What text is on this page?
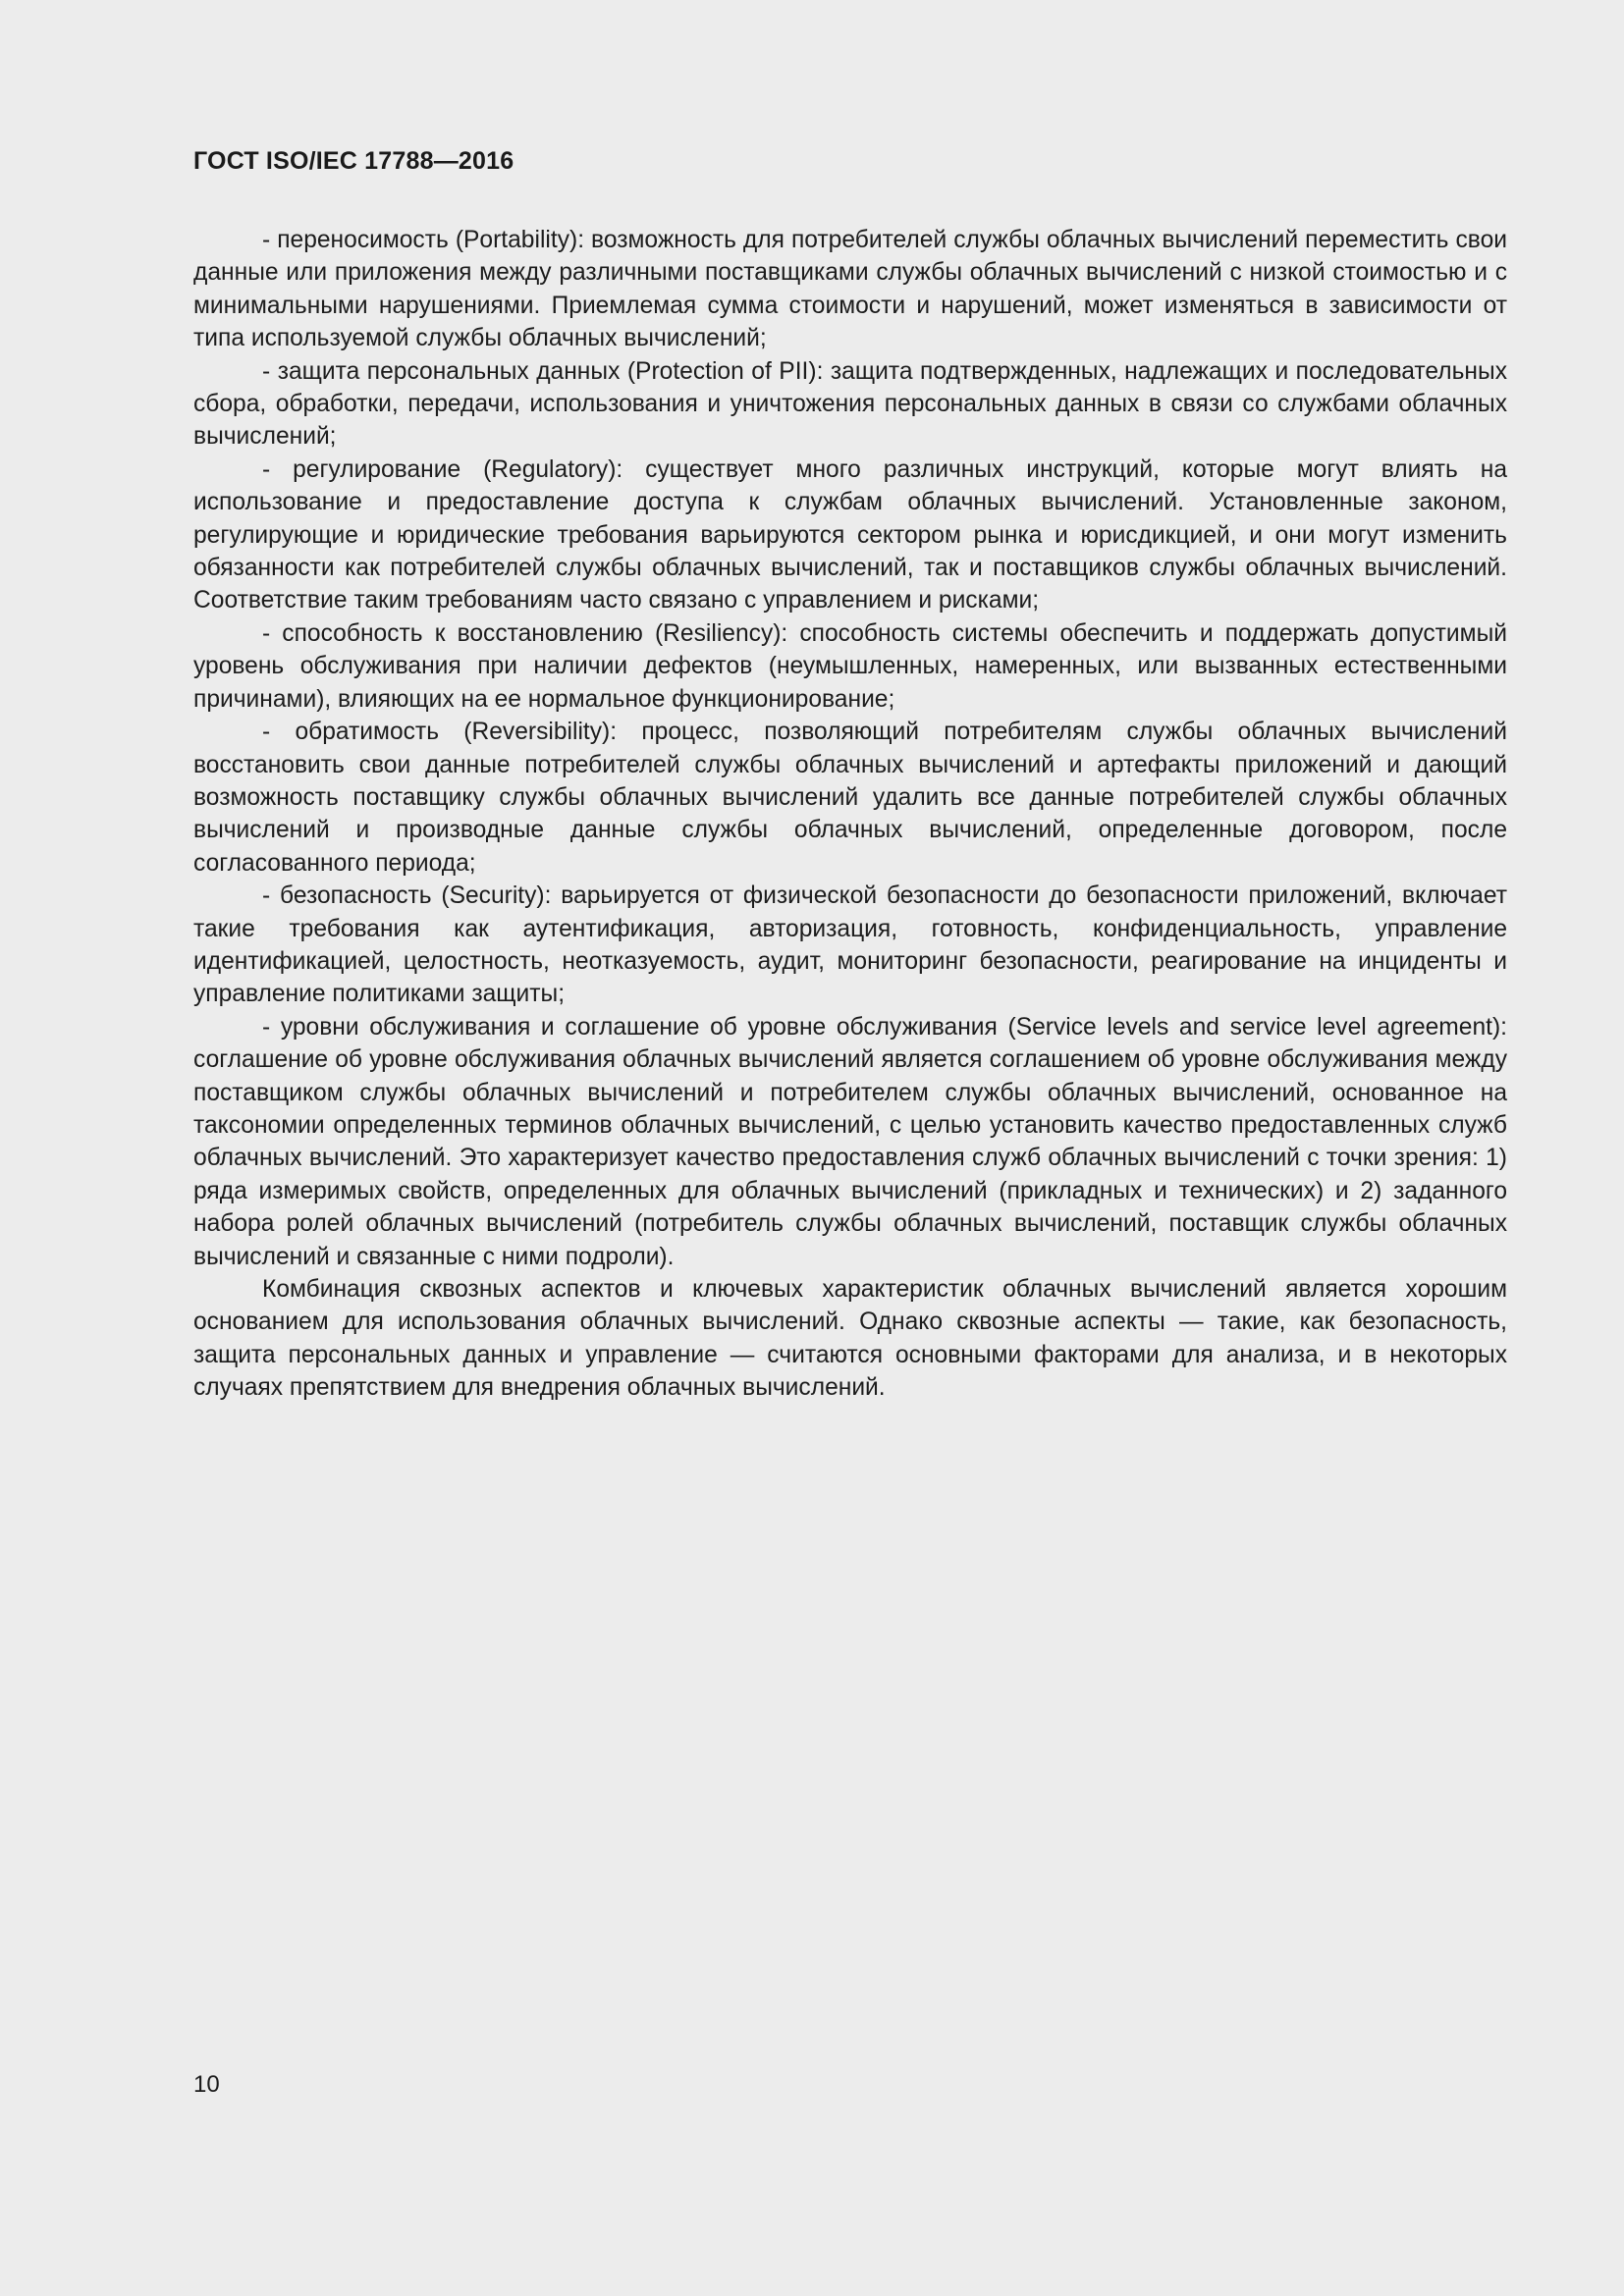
ГОСТ ISO/IEC 17788—2016

- переносимость (Portability): возможность для потребителей службы облачных вычислений переместить свои данные или приложения между различными поставщиками службы облачных вычислений с низкой стоимостью и с минимальными нарушениями. Приемлемая сумма стоимости и нарушений, может изменяться в зависимости от типа используемой службы облачных вычислений;

- защита персональных данных (Protection of PII): защита подтвержденных, надлежащих и последовательных сбора, обработки, передачи, использования и уничтожения персональных данных в связи со службами облачных вычислений;

- регулирование (Regulatory): существует много различных инструкций, которые могут влиять на использование и предоставление доступа к службам облачных вычислений. Установленные законом, регулирующие и юридические требования варьируются сектором рынка и юрисдикцией, и они могут изменить обязанности как потребителей службы облачных вычислений, так и поставщиков службы облачных вычислений. Соответствие таким требованиям часто связано с управлением и рисками;

- способность к восстановлению (Resiliency): способность системы обеспечить и поддержать допустимый уровень обслуживания при наличии дефектов (неумышленных, намеренных, или вызванных естественными причинами), влияющих на ее нормальное функционирование;

- обратимость (Reversibility): процесс, позволяющий потребителям службы облачных вычислений восстановить свои данные потребителей службы облачных вычислений и артефакты приложений и дающий возможность поставщику службы облачных вычислений удалить все данные потребителей службы облачных вычислений и производные данные службы облачных вычислений, определенные договором, после согласованного периода;

- безопасность (Security): варьируется от физической безопасности до безопасности приложений, включает такие требования как аутентификация, авторизация, готовность, конфиденциальность, управление идентификацией, целостность, неотказуемость, аудит, мониторинг безопасности, реагирование на инциденты и управление политиками защиты;

- уровни обслуживания и соглашение об уровне обслуживания (Service levels and service level agreement): соглашение об уровне обслуживания облачных вычислений является соглашением об уровне обслуживания между поставщиком службы облачных вычислений и потребителем службы облачных вычислений, основанное на таксономии определенных терминов облачных вычислений, с целью установить качество предоставленных служб облачных вычислений. Это характеризует качество предоставления служб облачных вычислений с точки зрения: 1) ряда измеримых свойств, определенных для облачных вычислений (прикладных и технических) и 2) заданного набора ролей облачных вычислений (потребитель службы облачных вычислений, поставщик службы облачных вычислений и связанные с ними подроли).

Комбинация сквозных аспектов и ключевых характеристик облачных вычислений является хорошим основанием для использования облачных вычислений. Однако сквозные аспекты — такие, как безопасность, защита персональных данных и управление — считаются основными факторами для анализа, и в некоторых случаях препятствием для внедрения облачных вычислений.

10
